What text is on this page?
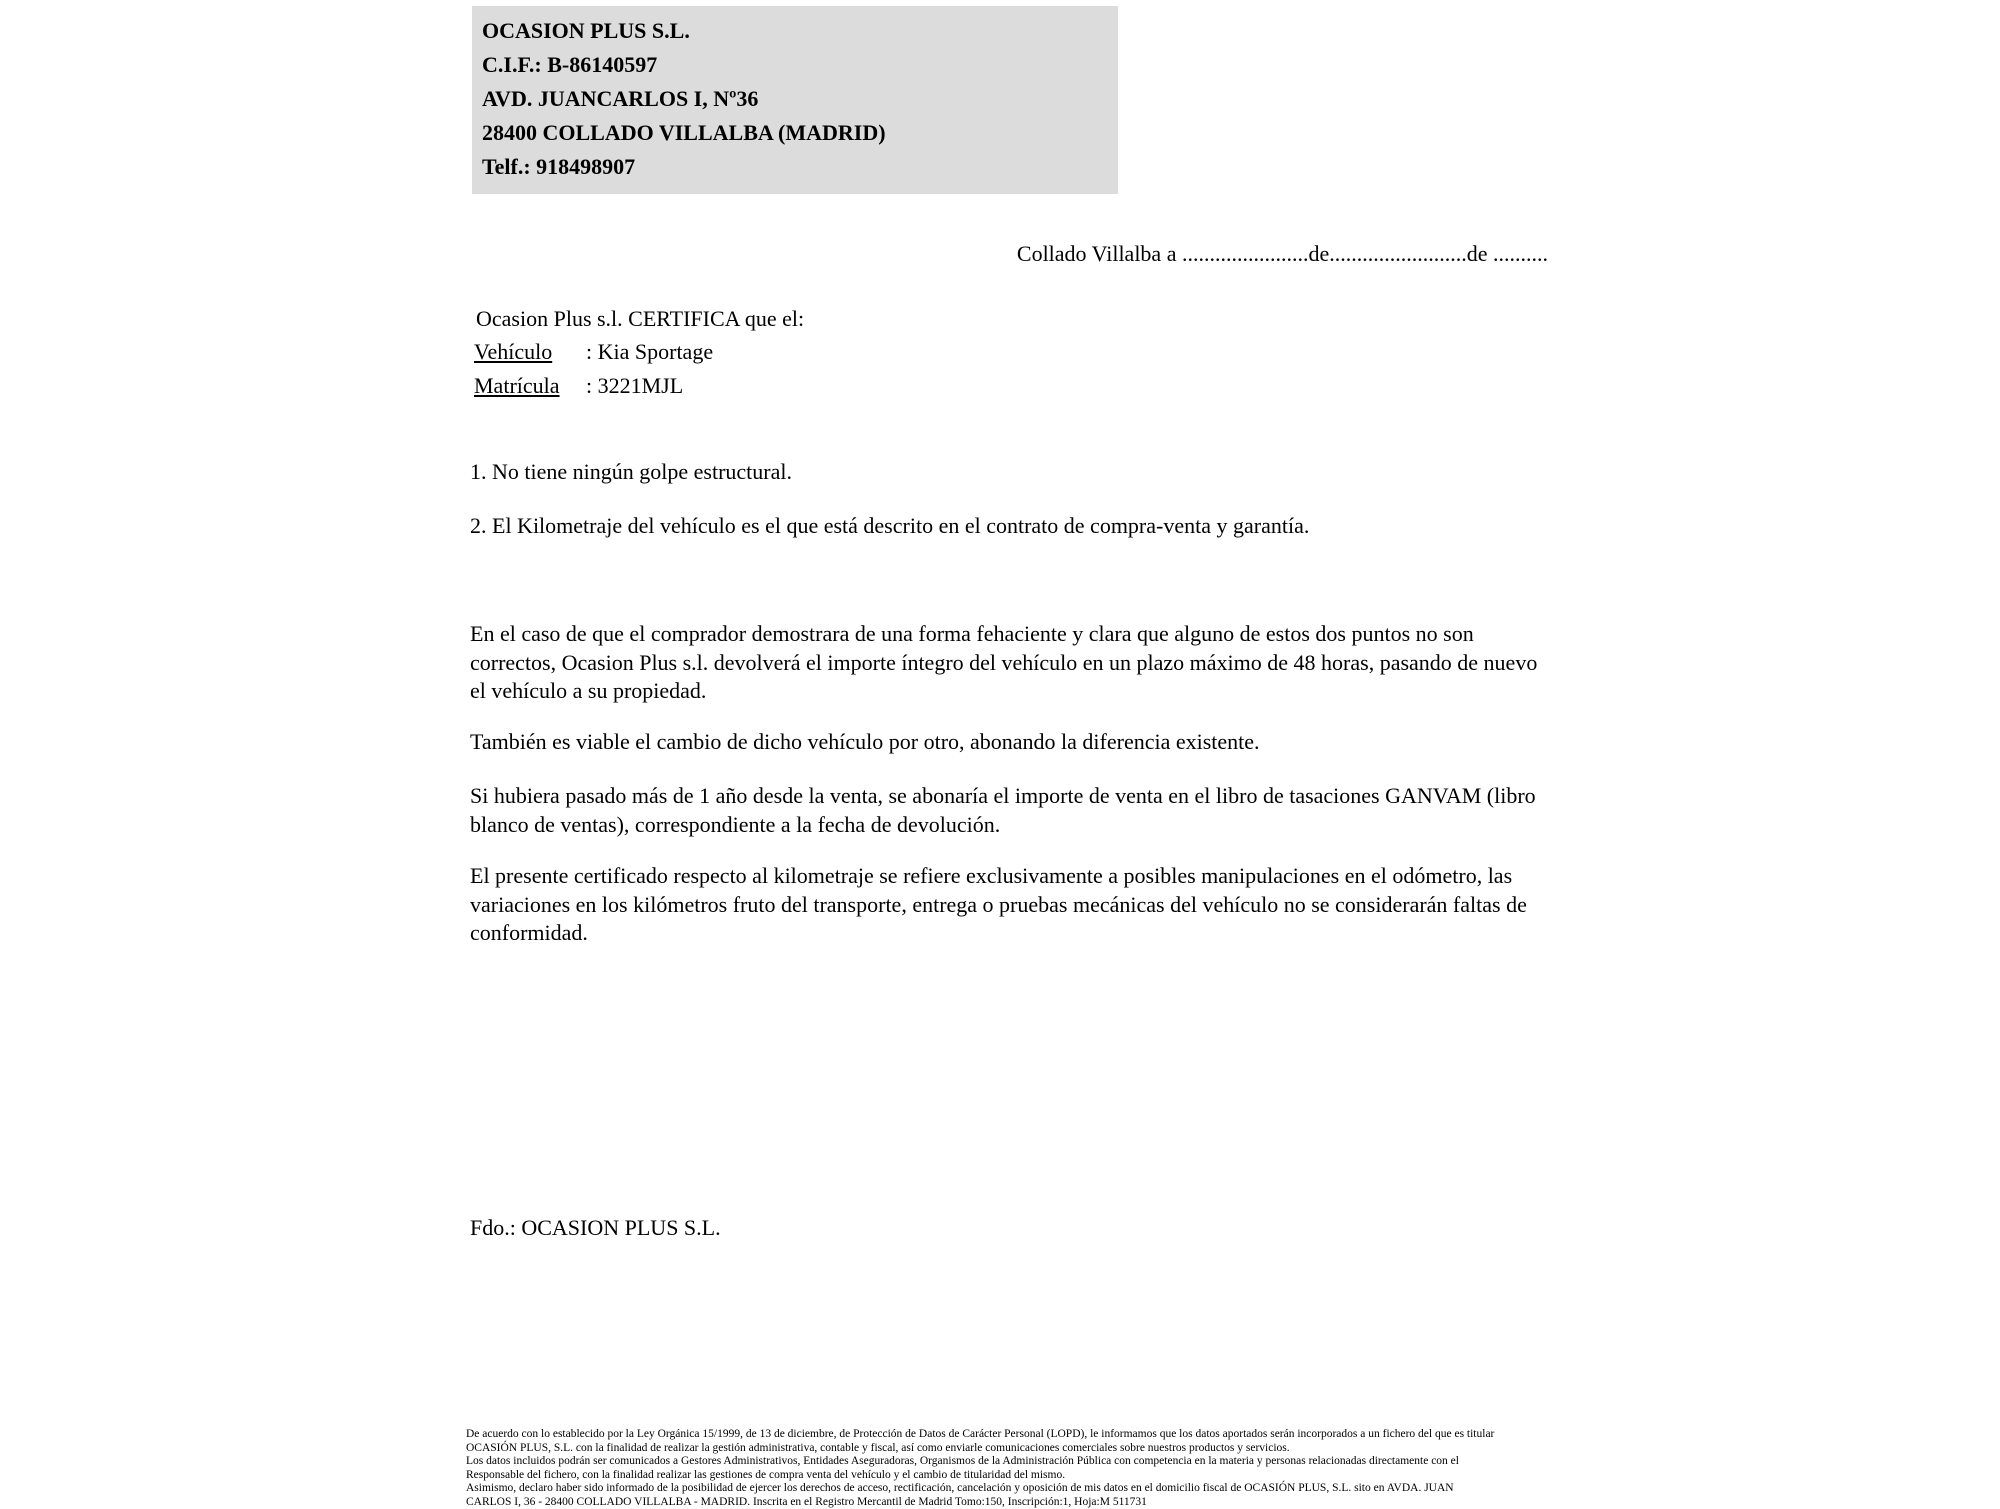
OCASION PLUS S.L.
C.I.F.: B-86140597
AVD. JUANCARLOS I, Nº36
28400 COLLADO VILLALBA (MADRID)
Telf.: 918498907
Collado Villalba a .......................de.........................de ..........
Ocasion Plus s.l. CERTIFICA que el:
Vehículo : Kia Sportage
Matrícula : 3221MJL
1. No tiene ningún golpe estructural.
2. El Kilometraje del vehículo es el que está descrito en el contrato de compra-venta y garantía.
En el caso de que el comprador demostrara de una forma fehaciente y clara que alguno de estos dos puntos no son correctos, Ocasion Plus s.l. devolverá el importe íntegro del vehículo en un plazo máximo de 48 horas, pasando de nuevo el vehículo a su propiedad.
También es viable el cambio de dicho vehículo por otro, abonando la diferencia existente.
Si hubiera pasado más de 1 año desde la venta, se abonaría el importe de venta en el libro de tasaciones GANVAM (libro blanco de ventas), correspondiente a la fecha de devolución.
El presente certificado respecto al kilometraje se refiere exclusivamente a posibles manipulaciones en el odómetro, las variaciones en los kilómetros fruto del transporte, entrega o pruebas mecánicas del vehículo no se considerarán faltas de conformidad.
Fdo.: OCASION PLUS S.L.
De acuerdo con lo establecido por la Ley Orgánica 15/1999, de 13 de diciembre, de Protección de Datos de Carácter Personal (LOPD), le informamos que los datos aportados serán incorporados a un fichero del que es titular
OCASIÓN PLUS, S.L. con la finalidad de realizar la gestión administrativa, contable y fiscal, así como enviarle comunicaciones comerciales sobre nuestros productos y servicios.
Los datos incluidos podrán ser comunicados a Gestores Administrativos, Entidades Aseguradoras, Organismos de la Administración Pública con competencia en la materia y personas relacionadas directamente con el
Responsable del fichero, con la finalidad realizar las gestiones de compra venta del vehículo y el cambio de titularidad del mismo.
Asimismo, declaro haber sido informado de la posibilidad de ejercer los derechos de acceso, rectificación, cancelación y oposición de mis datos en el domicilio fiscal de OCASIÓN PLUS, S.L. sito en AVDA. JUAN
CARLOS I, 36 - 28400 COLLADO VILLALBA - MADRID. Inscrita en el Registro Mercantil de Madrid Tomo:150, Inscripción:1, Hoja:M 511731
